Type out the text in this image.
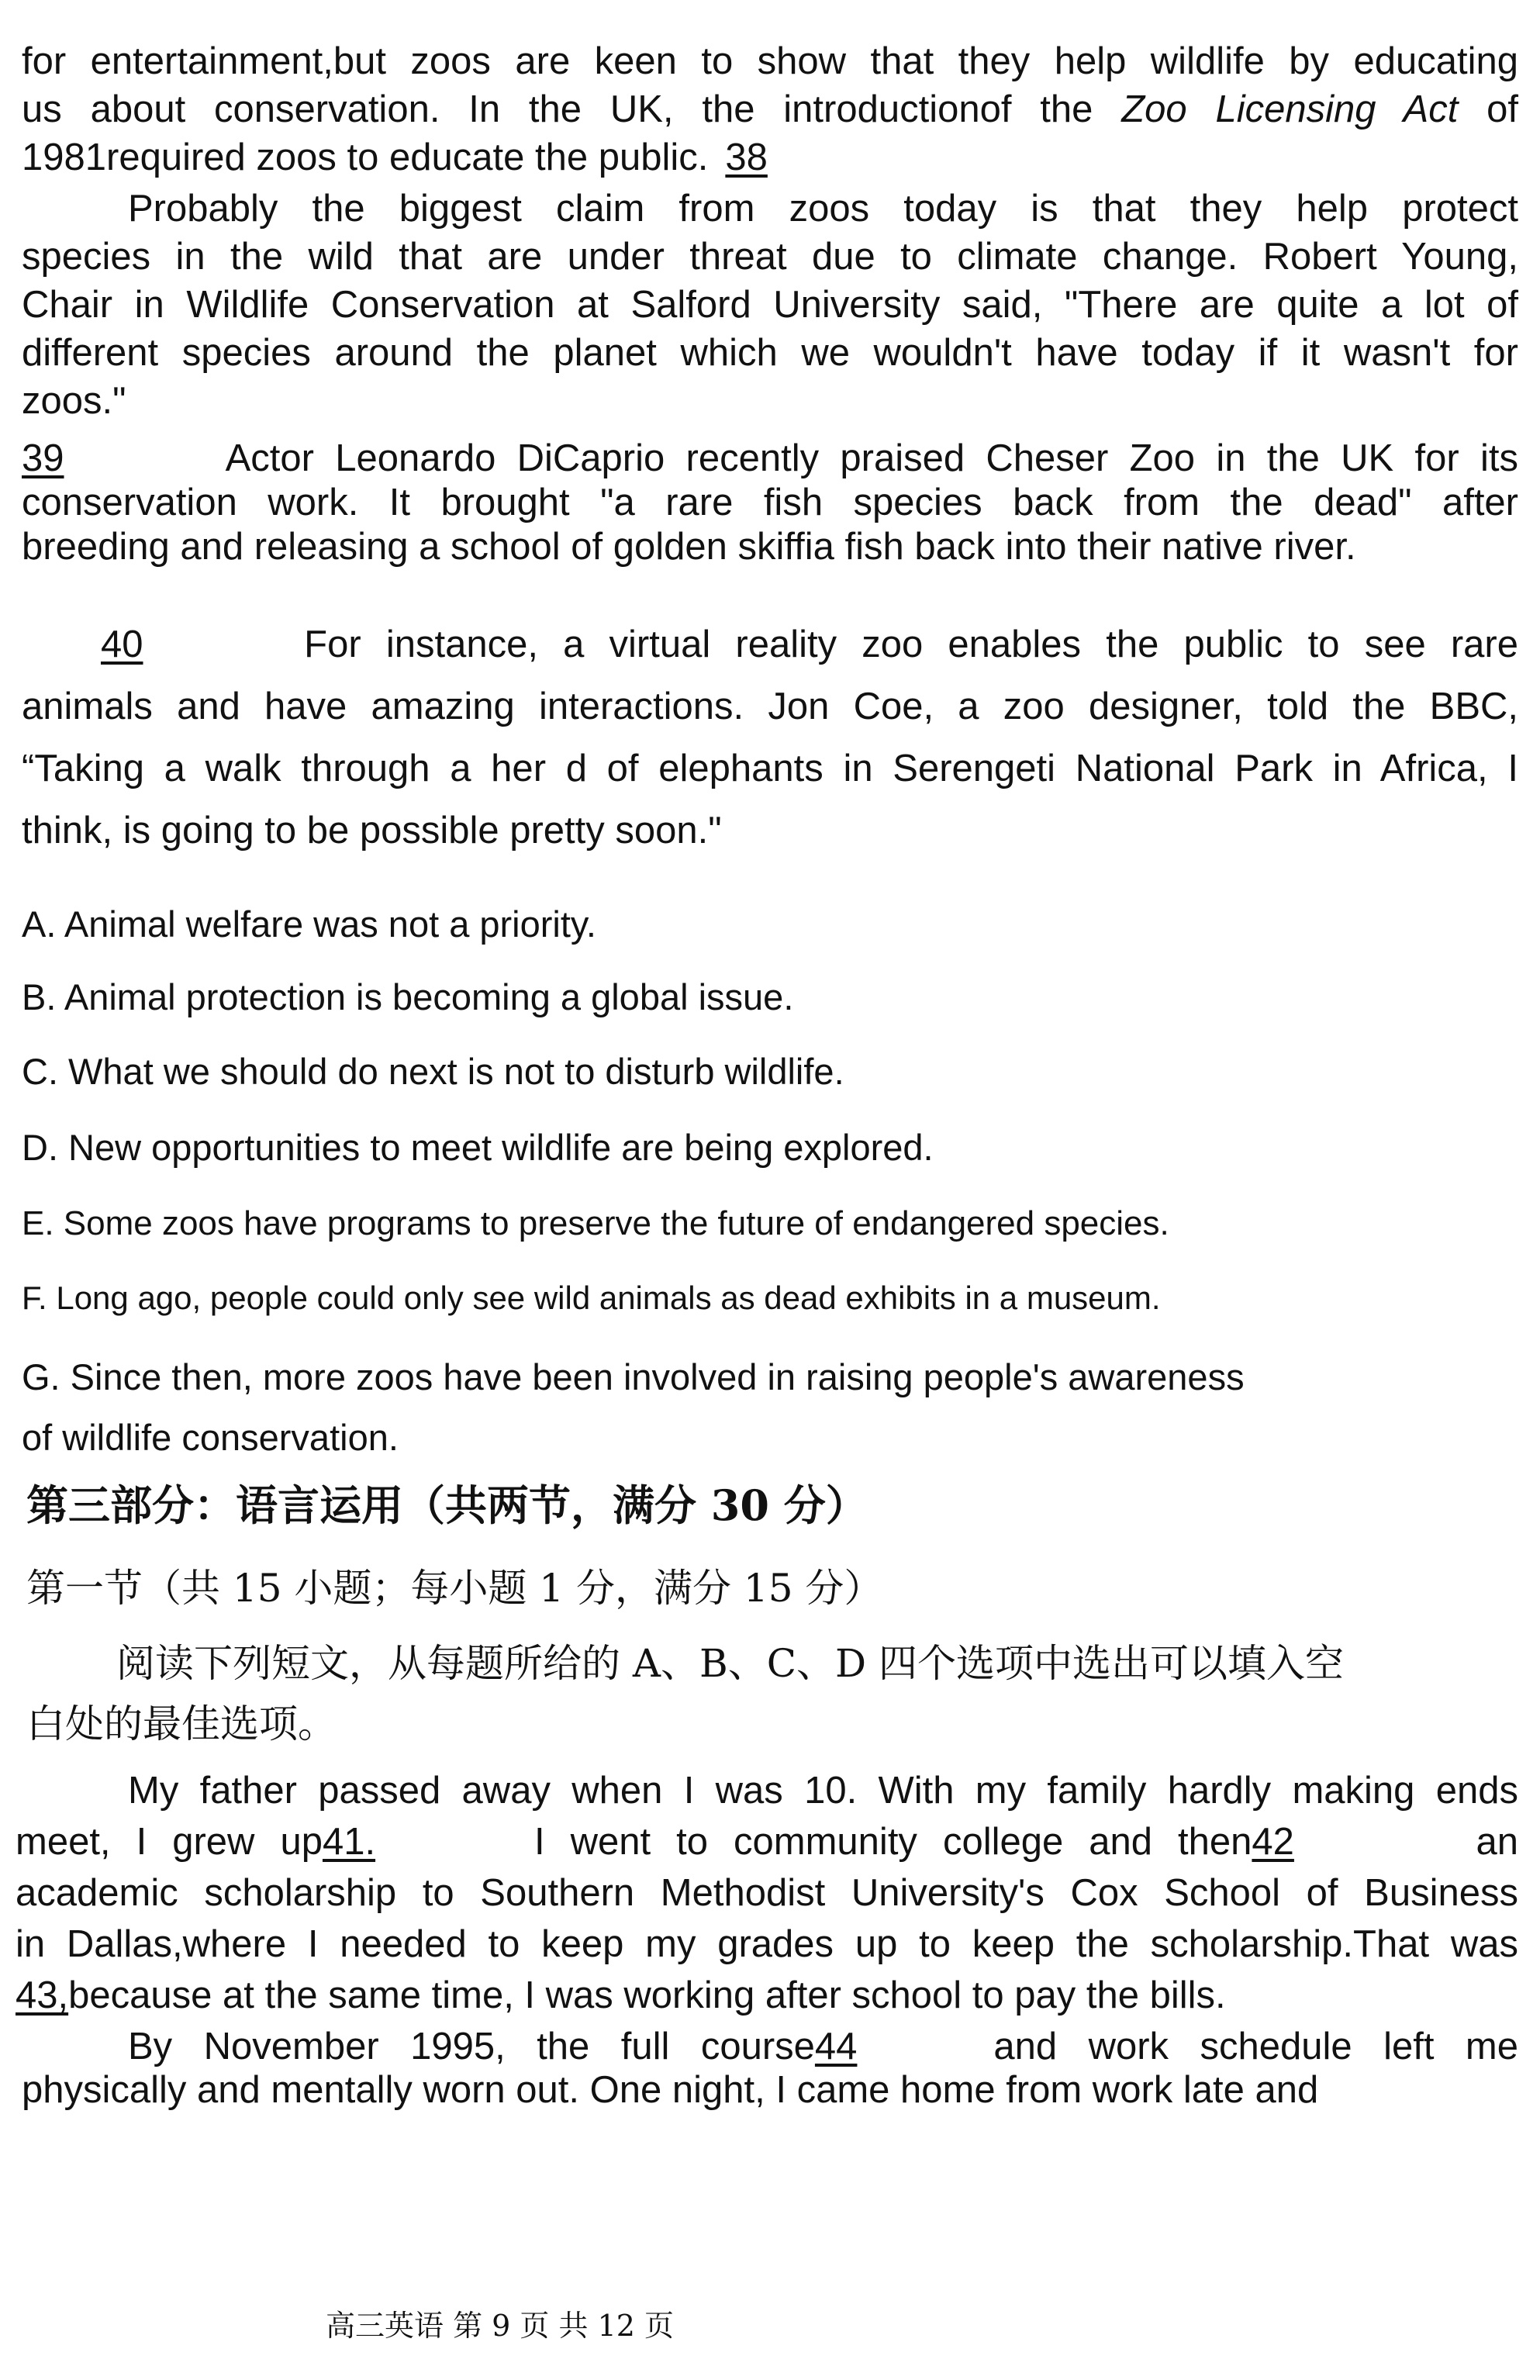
for entertainment,but zoos are keen to show that they help wildlife by educating
us about conservation. In the UK, the introductionof the Zoo Licensing Act of
1981required zoos to educate the public. 38
Probably the biggest claim from zoos today is that they help protect
species in the wild that are under threat due to climate change. Robert Young,
Chair in Wildlife Conservation at Salford University said, "There are quite a lot of
different species around the planet which we wouldn't have today if it wasn't for
zoos."
39	Actor Leonardo DiCaprio recently praised Cheser Zoo in the UK for its
conservation work. It brought "a rare fish species back from the dead" after
breeding and releasing a school of golden skiffia fish back into their native river.
40	For instance, a virtual reality zoo enables the public to see rare
animals and have amazing interactions. Jon Coe, a zoo designer, told the BBC,
“Taking a walk through a her d of elephants in Serengeti National Park in Africa, I
think, is going to be possible pretty soon."
A. Animal welfare was not a priority.
B. Animal protection is becoming a global issue.
C. What we should do next is not to disturb wildlife.
D. New opportunities to meet wildlife are being explored.
E. Some zoos have programs to preserve the future of endangered species.
F. Long ago, people could only see wild animals as dead exhibits in a museum.
G. Since then, more zoos have been involved in raising people's awareness
of wildlife conservation.
第三部分：语言运用（共两节，满分 30 分）
第一节（共 15 小题；每小题 1 分，满分 15 分）
阅读下列短文，从每题所给的 A、B、C、D 四个选项中选出可以填入空
白处的最佳选项。
My father passed away when I was 10. With my family hardly making ends
meet, I grew up41.	I went to community college and then42	an
academic scholarship to Southern Methodist University's Cox School of Business
in Dallas,where I needed to keep my grades up to keep the scholarship.That was
43,because at the same time, I was working after school to pay the bills.
By November 1995, the full course44	and work schedule left me
physically and mentally worn out. One night, I came home from work late and
高三英语 第 9 页 共 12 页
